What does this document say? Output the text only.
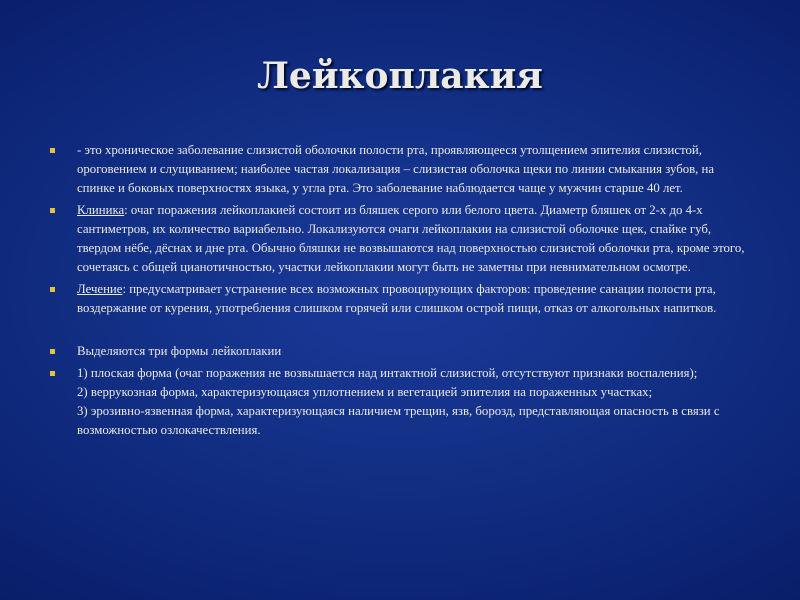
Лейкоплакия
- это хроническое заболевание слизистой оболочки полости рта, проявляющееся утолщением эпителия слизистой, ороговением и слущиванием; наиболее частая локализация – слизистая оболочка щеки по линии смыкания зубов, на спинке и боковых поверхностях языка, у угла рта. Это заболевание наблюдается чаще у мужчин старше 40 лет.
Клиника: очаг поражения лейкоплакией состоит из бляшек серого или белого цвета. Диаметр бляшек от 2-х до 4-х сантиметров, их количество вариабельно. Локализуются очаги лейкоплакии на слизистой оболочке щек, спайке губ, твердом нёбе, дёснах и дне рта. Обычно бляшки не возвышаются над поверхностью слизистой оболочки рта, кроме этого, сочетаясь с общей цианотичностью, участки лейкоплакии могут быть не заметны при невнимательном осмотре.
Лечение: предусматривает устранение всех возможных провоцирующих факторов: проведение санации полости рта, воздержание от курения, употребления слишком горячей или слишком острой пищи, отказ от алкогольных напитков.
Выделяются три формы лейкоплакии
1) плоская форма (очаг поражения не возвышается над интактной слизистой, отсутствуют признаки воспаления);
2) веррукозная форма, характеризующаяся уплотнением и вегетацией эпителия на пораженных участках;
3) эрозивно-язвенная форма, характеризующаяся наличием трещин, язв, борозд, представляющая опасность в связи с возможностью озлокачествления.
